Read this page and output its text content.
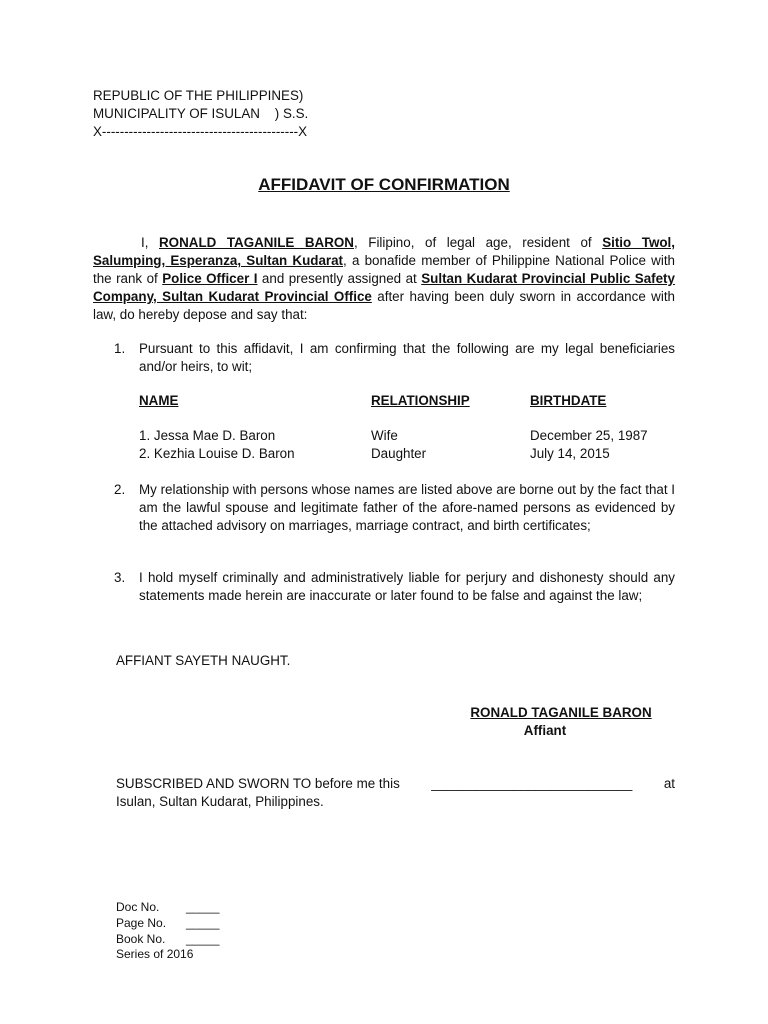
REPUBLIC OF THE PHILIPPINES)
MUNICIPALITY OF ISULAN    ) S.S.
X--------------------------------------------X
AFFIDAVIT OF CONFIRMATION
I, RONALD TAGANILE BARON, Filipino, of legal age, resident of Sitio Twol, Salumping, Esperanza, Sultan Kudarat, a bonafide member of Philippine National Police with the rank of Police Officer I and presently assigned at Sultan Kudarat Provincial Public Safety Company, Sultan Kudarat Provincial Office after having been duly sworn in accordance with law, do hereby depose and say that:
1.	Pursuant to this affidavit, I am confirming that the following are my legal beneficiaries and/or heirs, to wit;
NAME	RELATIONSHIP	BIRTHDATE
1. Jessa Mae D. Baron	Wife	December 25, 1987
2. Kezhia Louise D. Baron	Daughter	July 14, 2015
2.	My relationship with persons whose names are listed above are borne out by the fact that I am the lawful spouse and legitimate father of the afore-named persons as evidenced by the attached advisory on marriages, marriage contract, and birth certificates;
3.	I hold myself criminally and administratively liable for perjury and dishonesty should any statements made herein are inaccurate or later found to be false and against the law;
AFFIANT SAYETH NAUGHT.
RONALD TAGANILE BARON
Affiant
SUBSCRIBED AND SWORN TO before me this ___________________________ at
Isulan, Sultan Kudarat, Philippines.
Doc No. _____
Page No. _____
Book No. _____
Series of 2016
